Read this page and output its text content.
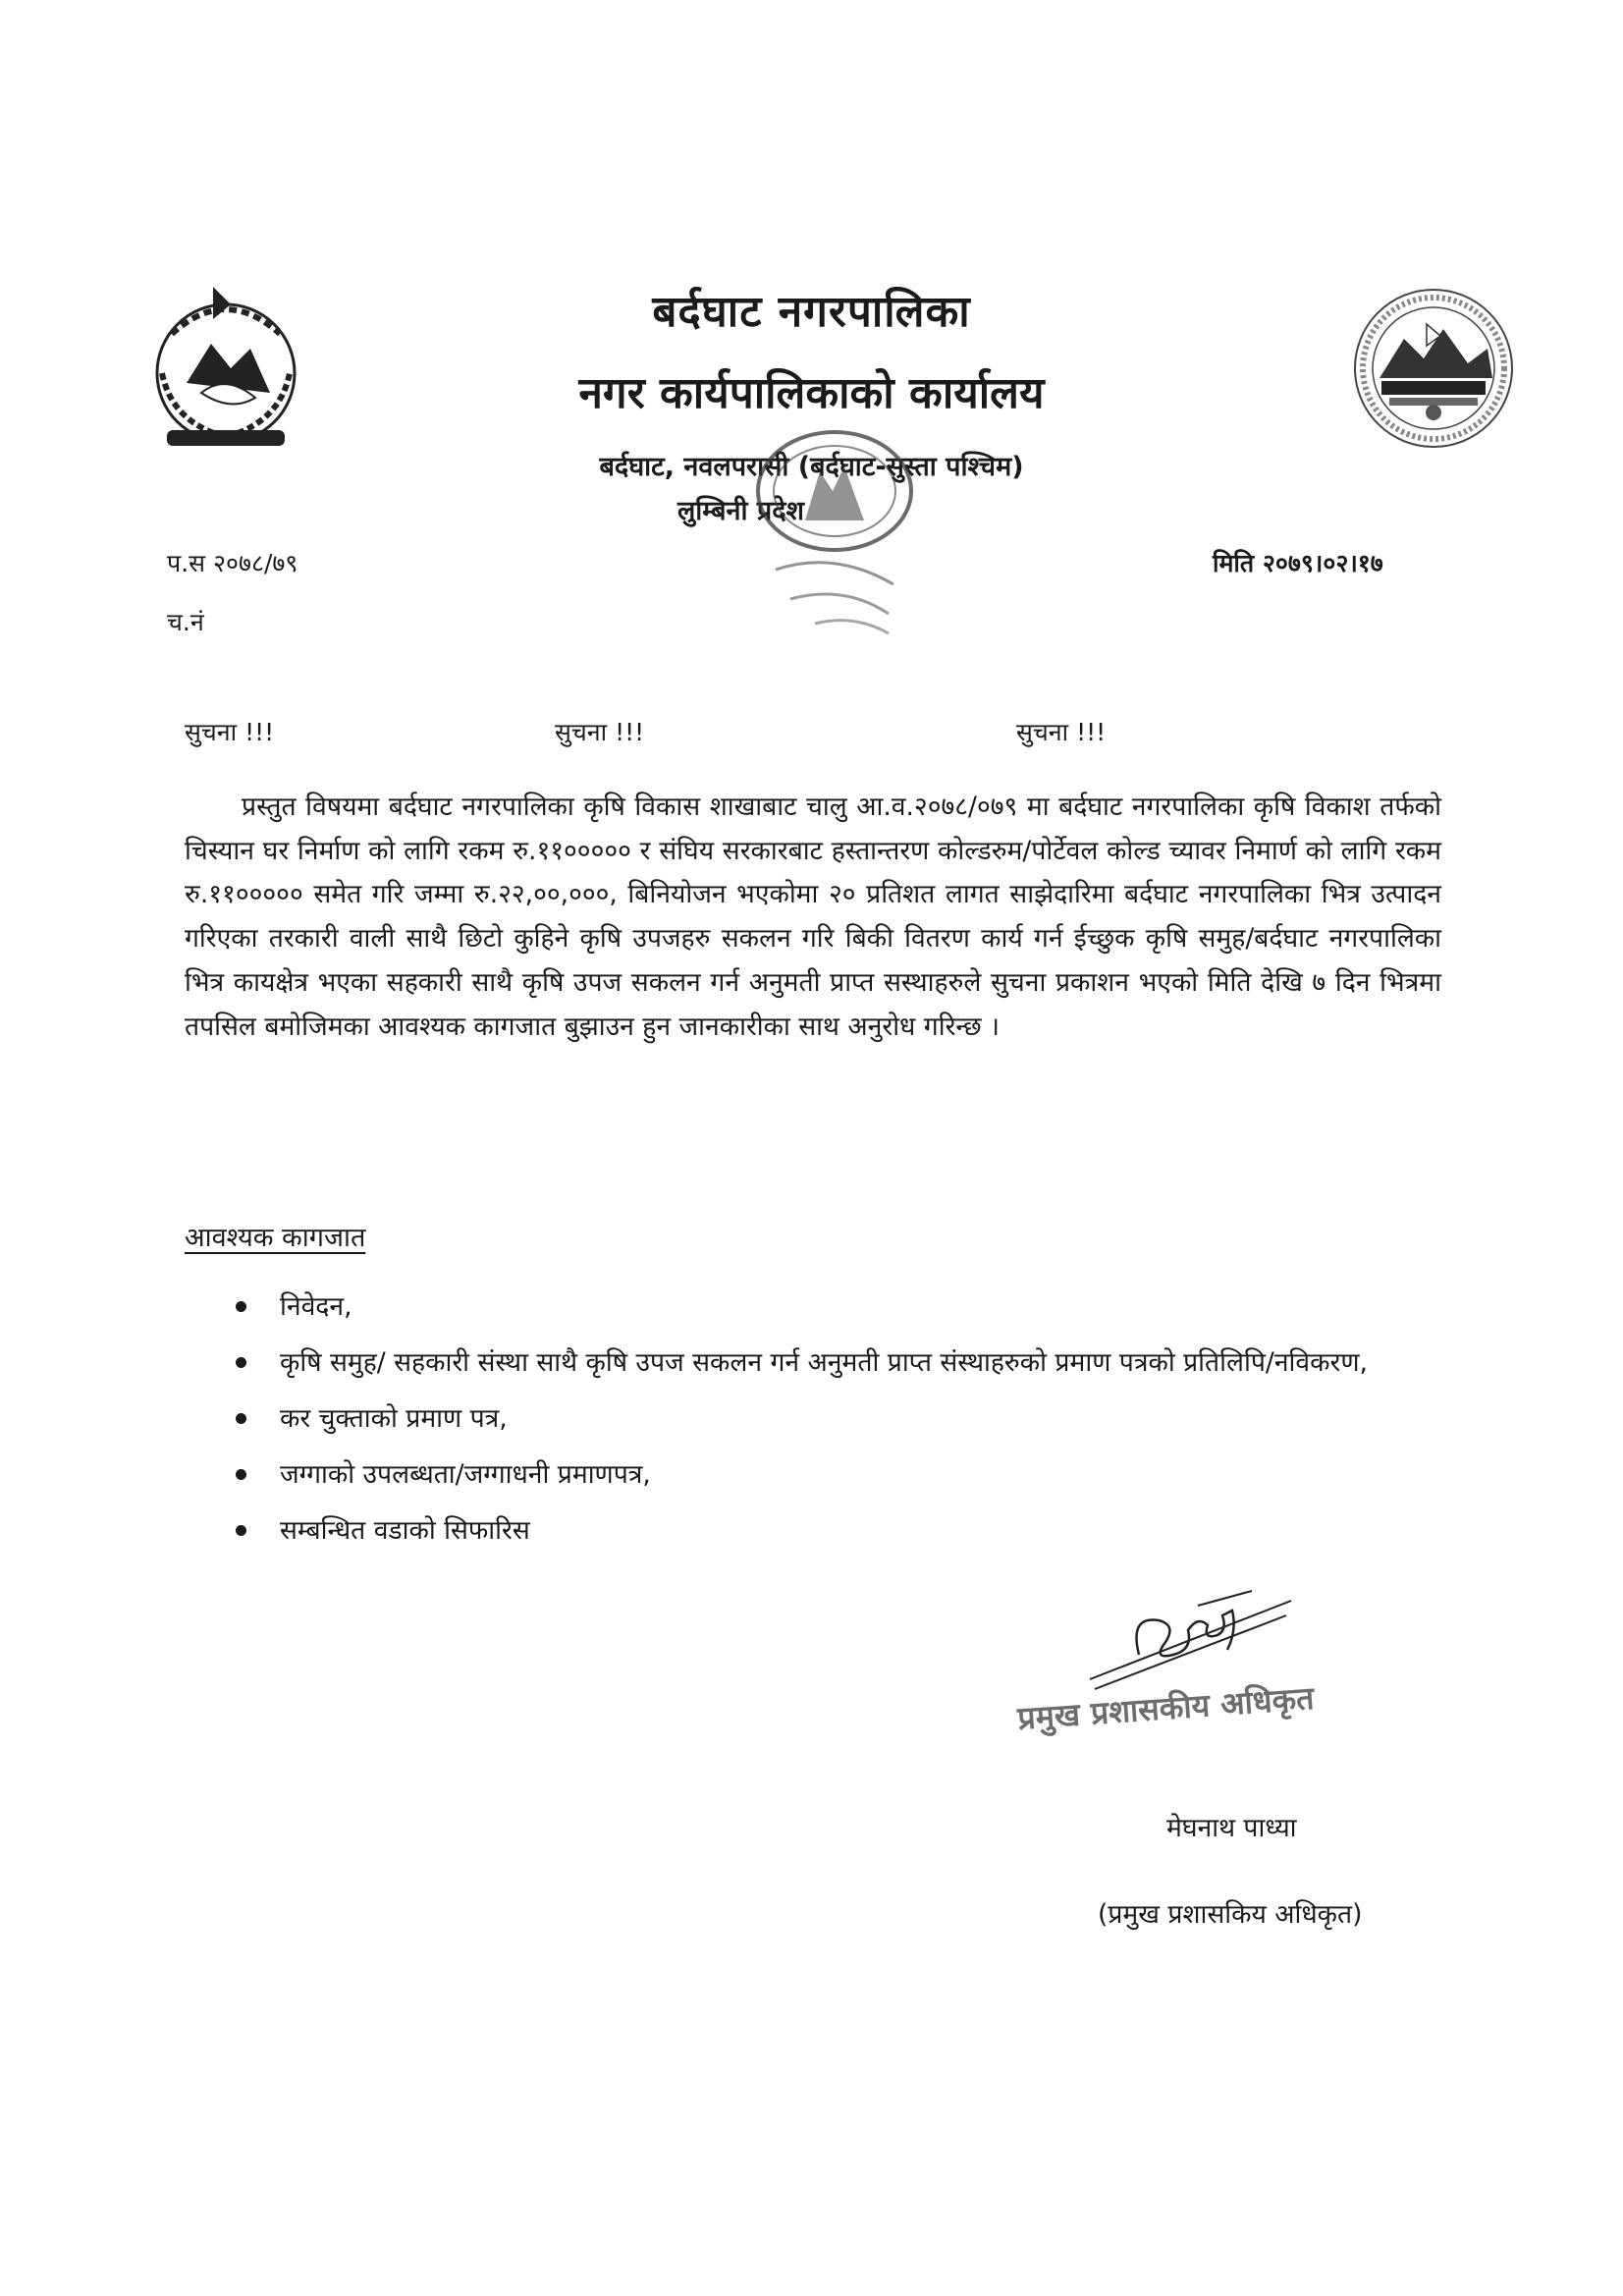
बर्दघाट नगरपालिका
नगर कार्यपालिकाको कार्यालय
बर्दघाट, नवलपरासी (बर्दघाट-सुस्ता पश्चिम)
लुम्बिनी प्रदेश
प.स २०७८/७९
च.नं
मिति २०७९।०२।१७
सुचना !!!	सुचना !!!	सुचना !!!

प्रस्तुत विषयमा बर्दघाट नगरपालिका कृषि विकास शाखाबाट चालु आ.व.२०७८/०७९ मा बर्दघाट नगरपालिका कृषि विकाश तर्फको चिस्यान घर निर्माण को लागि रकम रु.११००००० र संघिय सरकारबाट हस्तान्तरण कोल्डरुम/पोर्टेवल कोल्ड च्यावर निमार्ण को लागि रकम रु.११००००० समेत गरि जम्मा रु.२२,००,०००, बिनियोजन भएकोमा २० प्रतिशत लागत साझेदारिमा बर्दघाट नगरपालिका भित्र उत्पादन गरिएका तरकारी वाली साथै छिटो कुहिने कृषि उपजहरु सकलन गरि बिकी वितरण कार्य गर्न ईच्छुक कृषि समुह/बर्दघाट नगरपालिका भित्र कायक्षेत्र भएका सहकारी साथै कृषि उपज सकलन गर्न अनुमती प्राप्त सस्थाहरुले सुचना प्रकाशन भएको मिति देखि ७ दिन भित्रमा तपसिल बमोजिमका आवश्यक कागजात बुझाउन हुन जानकारीका साथ अनुरोध गरिन्छ ।

आवश्यक कागजात
निवेदन,
कृषि समुह/ सहकारी संस्था साथै कृषि उपज सकलन गर्न अनुमती प्राप्त संस्थाहरुको प्रमाण पत्रको प्रतिलिपि/नविकरण,
कर चुक्ताको प्रमाण पत्र,
जग्गाको उपलब्धता/जग्गाधनी प्रमाणपत्र,
सम्बन्धित वडाको सिफारिस
प्रमुख प्रशासकीय अधिकृत
मेघनाथ पाध्या
(प्रमुख प्रशासकिय अधिकृत)
